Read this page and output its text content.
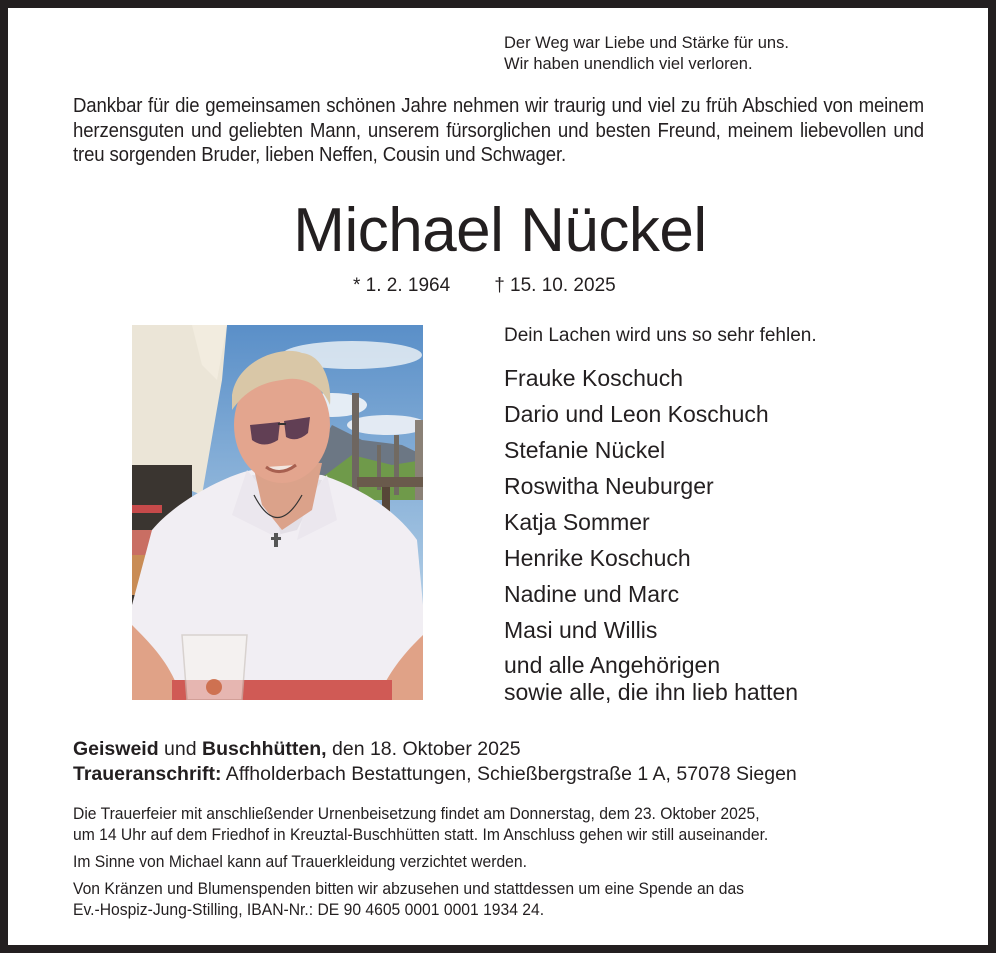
Der Weg war Liebe und Stärke für uns.
Wir haben unendlich viel verloren.
Dankbar für die gemeinsamen schönen Jahre nehmen wir traurig und viel zu früh Abschied von meinem herzensguten und geliebten Mann, unserem fürsorglichen und besten Freund, meinem liebevollen und treu sorgenden Bruder, lieben Neffen, Cousin und Schwager.
Michael Nückel
* 1. 2. 1964 † 15. 10. 2025
Dein Lachen wird uns so sehr fehlen.
Frauke Koschuch
Dario und Leon Koschuch
Stefanie Nückel
Roswitha Neuburger
Katja Sommer
Henrike Koschuch
Nadine und Marc
Masi und Willis
und alle Angehörigen
sowie alle, die ihn lieb hatten
Geisweid und Buschhütten, den 18. Oktober 2025
Traueranschrift: Affholderbach Bestattungen, Schießbergstraße 1 A, 57078 Siegen
Die Trauerfeier mit anschließender Urnenbeisetzung findet am Donnerstag, dem 23. Oktober 2025,
um 14 Uhr auf dem Friedhof in Kreuztal-Buschhütten statt. Im Anschluss gehen wir still auseinander.
Im Sinne von Michael kann auf Trauerkleidung verzichtet werden.
Von Kränzen und Blumenspenden bitten wir abzusehen und stattdessen um eine Spende an das
Ev.-Hospiz-Jung-Stilling, IBAN-Nr.: DE 90 4605 0001 0001 1934 24.
